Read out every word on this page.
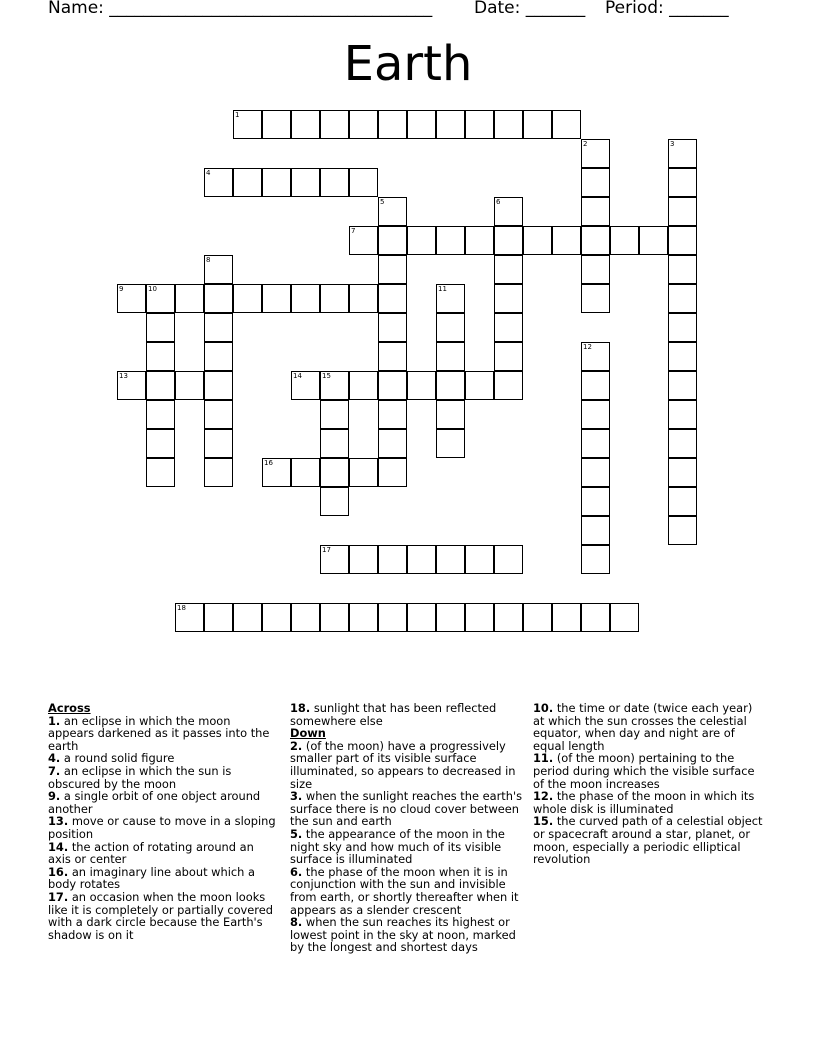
Name: ______________________________________ Date: _______ Period: _______
Earth
1
2	3
4
5	6
7
8
9	10	11
12
13	14	15
16
17
18

Across

1. an eclipse in which the moon appears darkened as it passes into the earth

4. a round solid figure

7. an eclipse in which the sun is obscured by the moon

9. a single orbit of one object around another

13. move or cause to move in a sloping position

14. the action of rotating around an axis or center

16. an imaginary line about which a body rotates

17. an occasion when the moon looks like it is completely or partially covered with a dark circle because the Earth's shadow is on it

18. sunlight that has been reflected somewhere else

Down

2. (of the moon) have a progressively smaller part of its visible surface illuminated, so appears to decreased in size

3. when the sunlight reaches the earth's surface there is no cloud cover between the sun and earth

5. the appearance of the moon in the night sky and how much of its visible surface is illuminated

6. the phase of the moon when it is in conjunction with the sun and invisible from earth, or shortly thereafter when it appears as a slender crescent

8. when the sun reaches its highest or lowest point in the sky at noon, marked by the longest and shortest days

10. the time or date (twice each year) at which the sun crosses the celestial equator, when day and night are of equal length

11. (of the moon) pertaining to the period during which the visible surface of the moon increases

12. the phase of the moon in which its whole disk is illuminated

15. the curved path of a celestial object or spacecraft around a star, planet, or moon, especially a periodic elliptical revolution
